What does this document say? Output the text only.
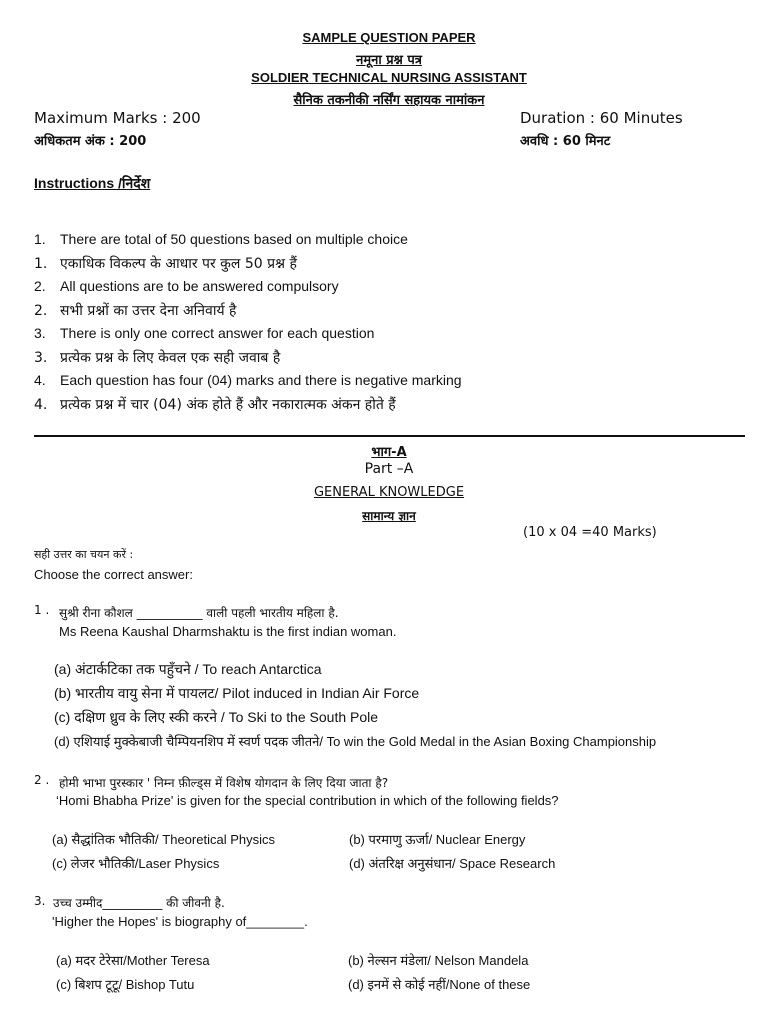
SAMPLE QUESTION PAPER
नमूना प्रश्न पत्र
SOLDIER TECHNICAL NURSING ASSISTANT
सैनिक तकनीकी नर्सिंग सहायक नामांकन
Maximum Marks : 200
अधिकतम अंक : 200
Duration : 60 Minutes
अवधि : 60 मिनट
Instructions /निर्देश
1. There are total of 50 questions based on multiple choice
1. एकाधिक विकल्प के आधार पर कुल 50 प्रश्न हैं
2. All questions are to be answered compulsory
2. सभी प्रश्नों का उत्तर देना अनिवार्य है
3. There is only one correct answer for each question
3. प्रत्येक प्रश्न के लिए केवल एक सही जवाब है
4. Each question has four (04) marks and there is negative marking
4. प्रत्येक प्रश्न में चार (04) अंक होते हैं और नकारात्मक अंकन होते हैं
भाग-A
Part –A
GENERAL KNOWLEDGE
सामान्य ज्ञान
(10 x 04 =40 Marks)
सही उत्तर का चयन करें :
Choose the correct answer:
1 . सुश्री रीना कौशल ___________ वाली पहली भारतीय महिला है.
Ms Reena Kaushal Dharmshaktu is the first indian woman.
(a) अंटार्कटिका तक पहुँचने / To reach Antarctica
(b) भारतीय वायु सेना में पायलट/ Pilot induced in Indian Air Force
(c) दक्षिण ध्रुव के लिए स्की करने / To Ski to the South Pole
(d) एशियाई मुक्केबाजी चैम्पियनशिप में स्वर्ण पदक जीतने/ To win the Gold Medal in the Asian Boxing Championship
2 . होमी भाभा पुरस्कार ' निम्न फ़ील्ड्स में विशेष योगदान के लिए दिया जाता है?
‘Homi Bhabha Prize' is given for the special contribution in which of the following fields?
(a) सैद्धांतिक भौतिकी/ Theoretical Physics	(b) परमाणु ऊर्जा/ Nuclear Energy
(c) लेजर भौतिकी/Laser Physics	(d) अंतरिक्ष अनुसंधान/ Space Research
3. उच्च उम्मीद__________ की जीवनी है.
'Higher the Hopes' is biography of________.
(a) मदर टेरेसा/Mother Teresa	(b) नेल्सन मंडेला/ Nelson Mandela
(c) बिशप टूटू/ Bishop Tutu	(d) इनमें से कोई नहीं/None of these
